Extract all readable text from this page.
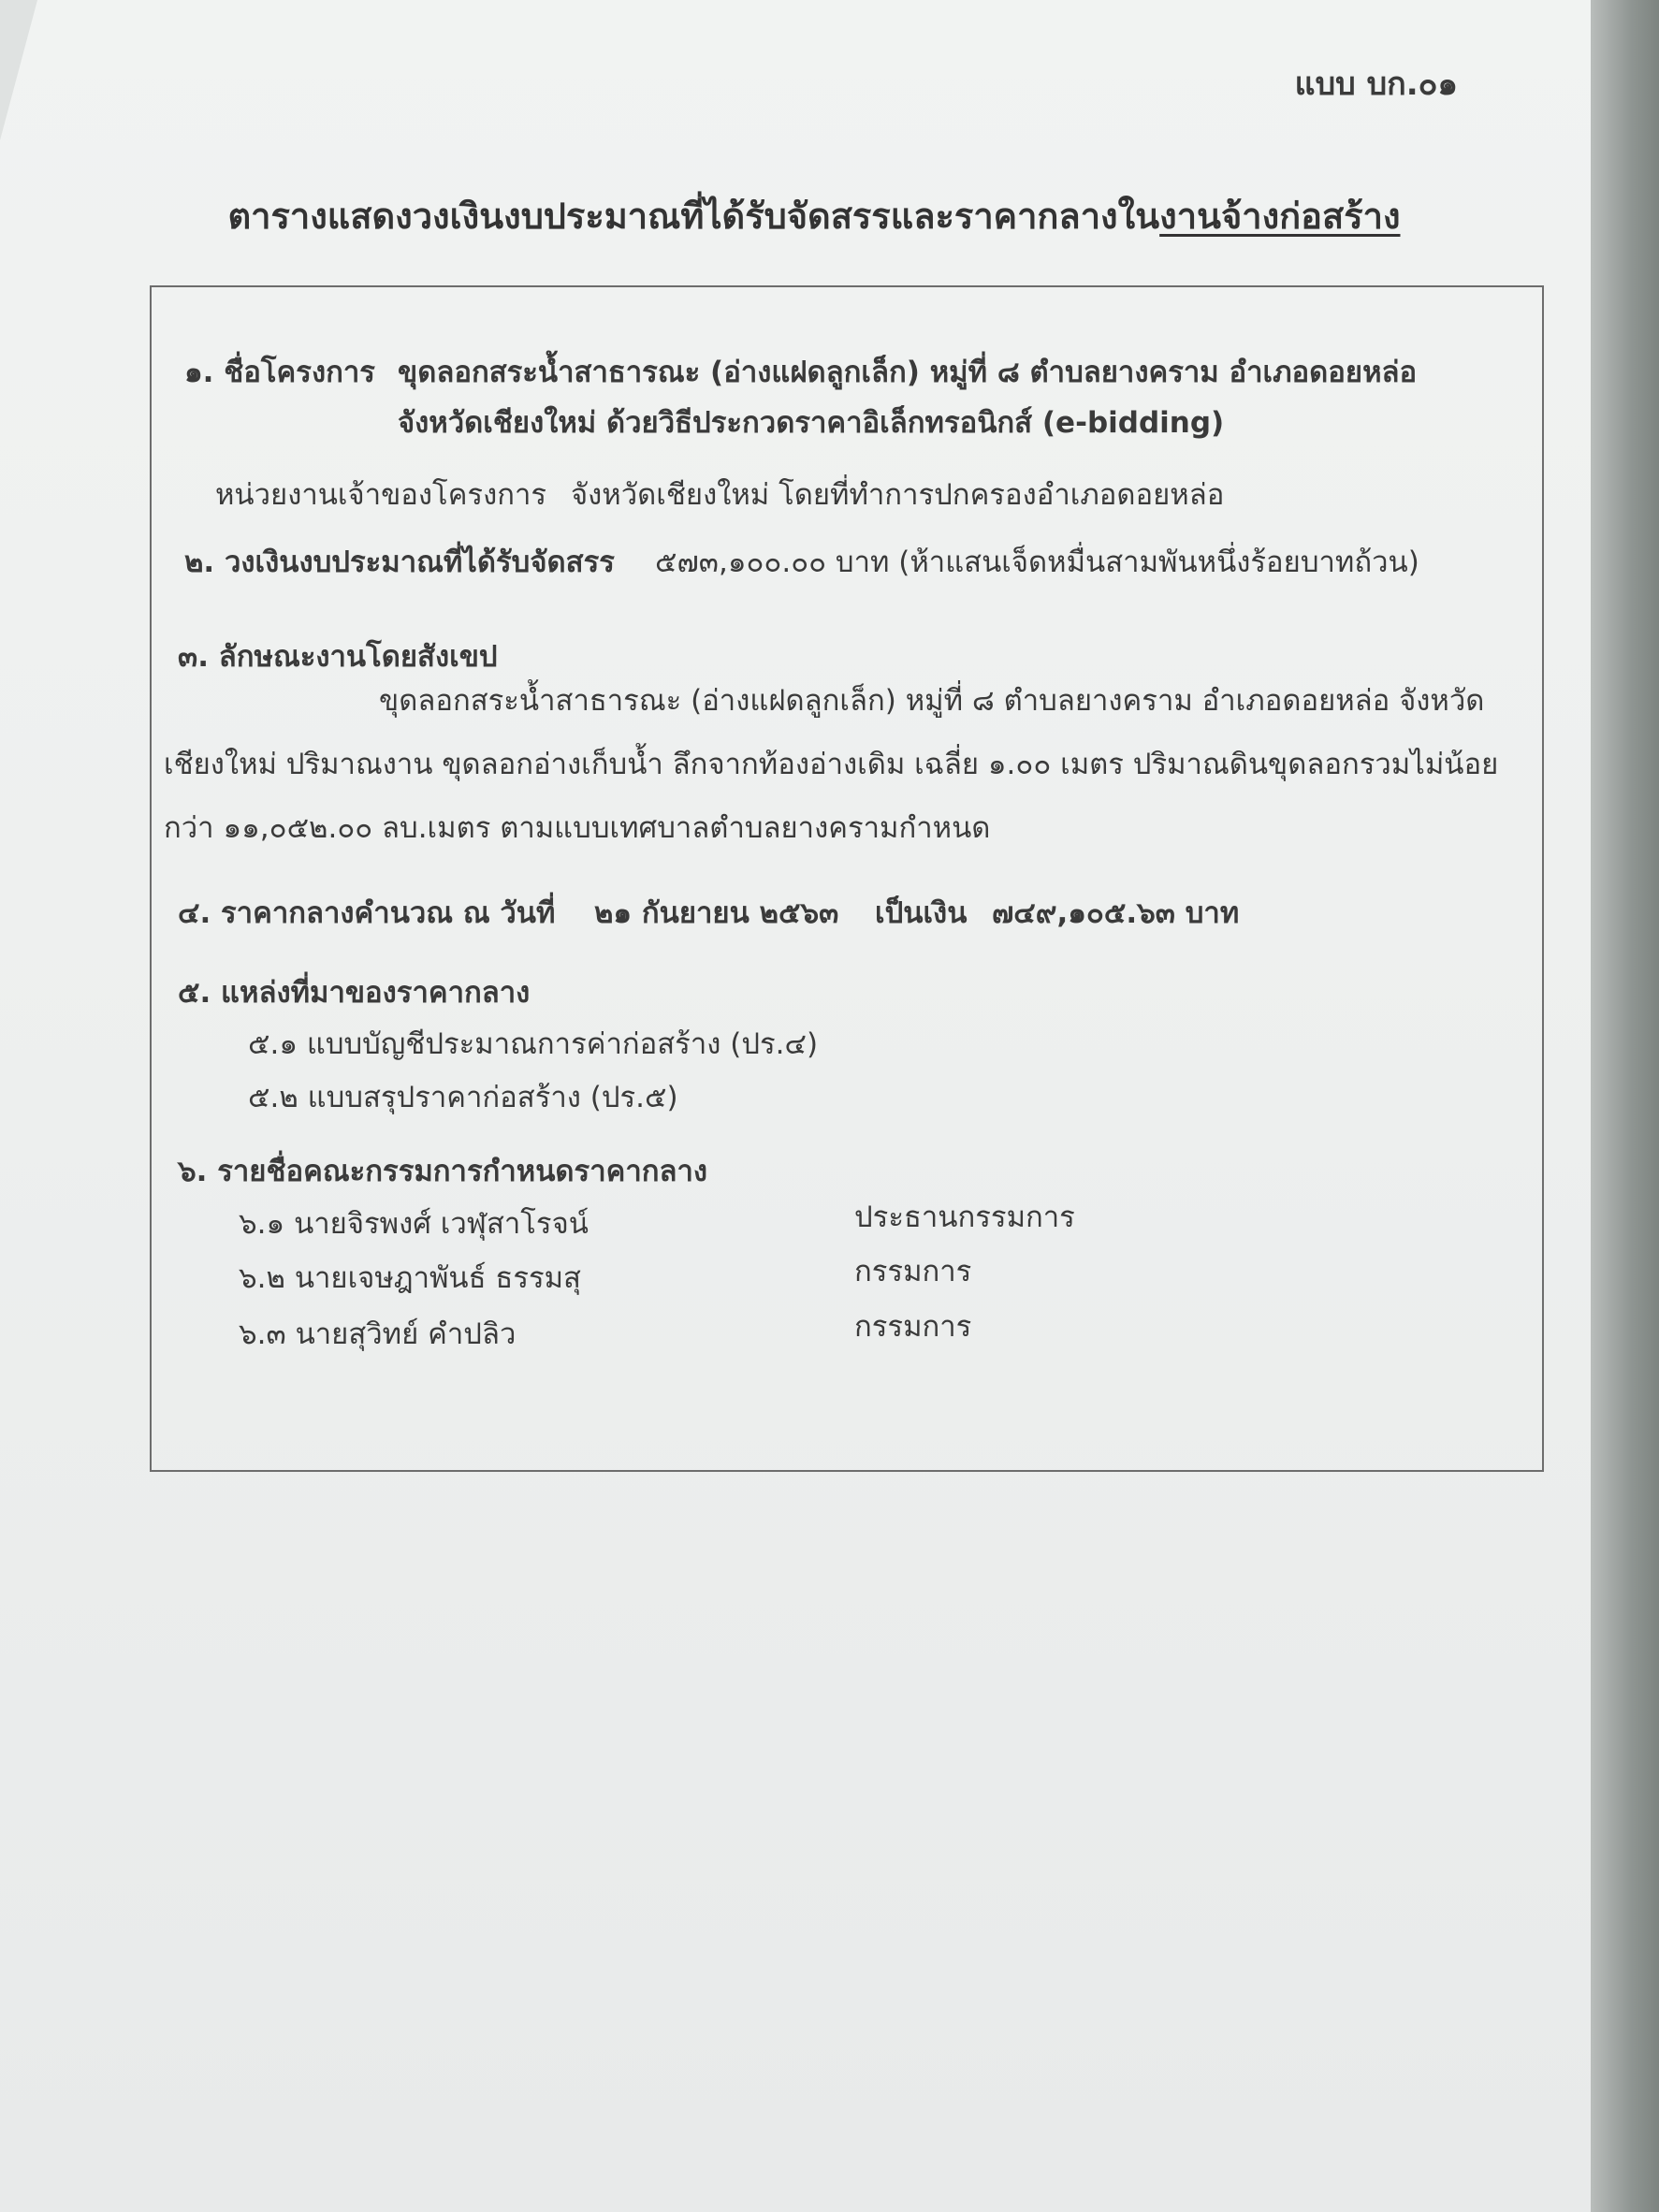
แบบ บก.๐๑
ตารางแสดงวงเงินงบประมาณที่ได้รับจัดสรรและราคากลางในงานจ้างก่อสร้าง
๑. ชื่อโครงการ ขุดลอกสระน้ำสาธารณะ (อ่างแฝดลูกเล็ก) หมู่ที่ ๘ ตำบลยางคราม อำเภอดอยหล่อ
จังหวัดเชียงใหม่ ด้วยวิธีประกวดราคาอิเล็กทรอนิกส์ (e-bidding)
หน่วยงานเจ้าของโครงการ จังหวัดเชียงใหม่ โดยที่ทำการปกครองอำเภอดอยหล่อ
๒. วงเงินงบประมาณที่ได้รับจัดสรร ๕๗๓,๑๐๐.๐๐ บาท (ห้าแสนเจ็ดหมื่นสามพันหนึ่งร้อยบาทถ้วน)
๓. ลักษณะงานโดยสังเขป
ขุดลอกสระน้ำสาธารณะ (อ่างแฝดลูกเล็ก) หมู่ที่ ๘ ตำบลยางคราม อำเภอดอยหล่อ จังหวัดเชียงใหม่ ปริมาณงาน ขุดลอกอ่างเก็บน้ำ ลึกจากท้องอ่างเดิม เฉลี่ย ๑.๐๐ เมตร ปริมาณดินขุดลอกรวมไม่น้อยกว่า ๑๑,๐๕๒.๐๐ ลบ.เมตร ตามแบบเทศบาลตำบลยางครามกำหนด
๔. ราคากลางคำนวณ ณ วันที่ ๒๑ กันยายน ๒๕๖๓ เป็นเงิน ๗๔๙,๑๐๕.๖๓ บาท
๕. แหล่งที่มาของราคากลาง
๕.๑ แบบบัญชีประมาณการค่าก่อสร้าง (ปร.๔)
๕.๒ แบบสรุปราคาก่อสร้าง (ปร.๕)
๖. รายชื่อคณะกรรมการกำหนดราคากลาง
๖.๑ นายจิรพงศ์ เวฬุสาโรจน์	ประธานกรรมการ
๖.๒ นายเจษฎาพันธ์ ธรรมสุ	กรรมการ
๖.๓ นายสุวิทย์ คำปลิว	กรรมการ
